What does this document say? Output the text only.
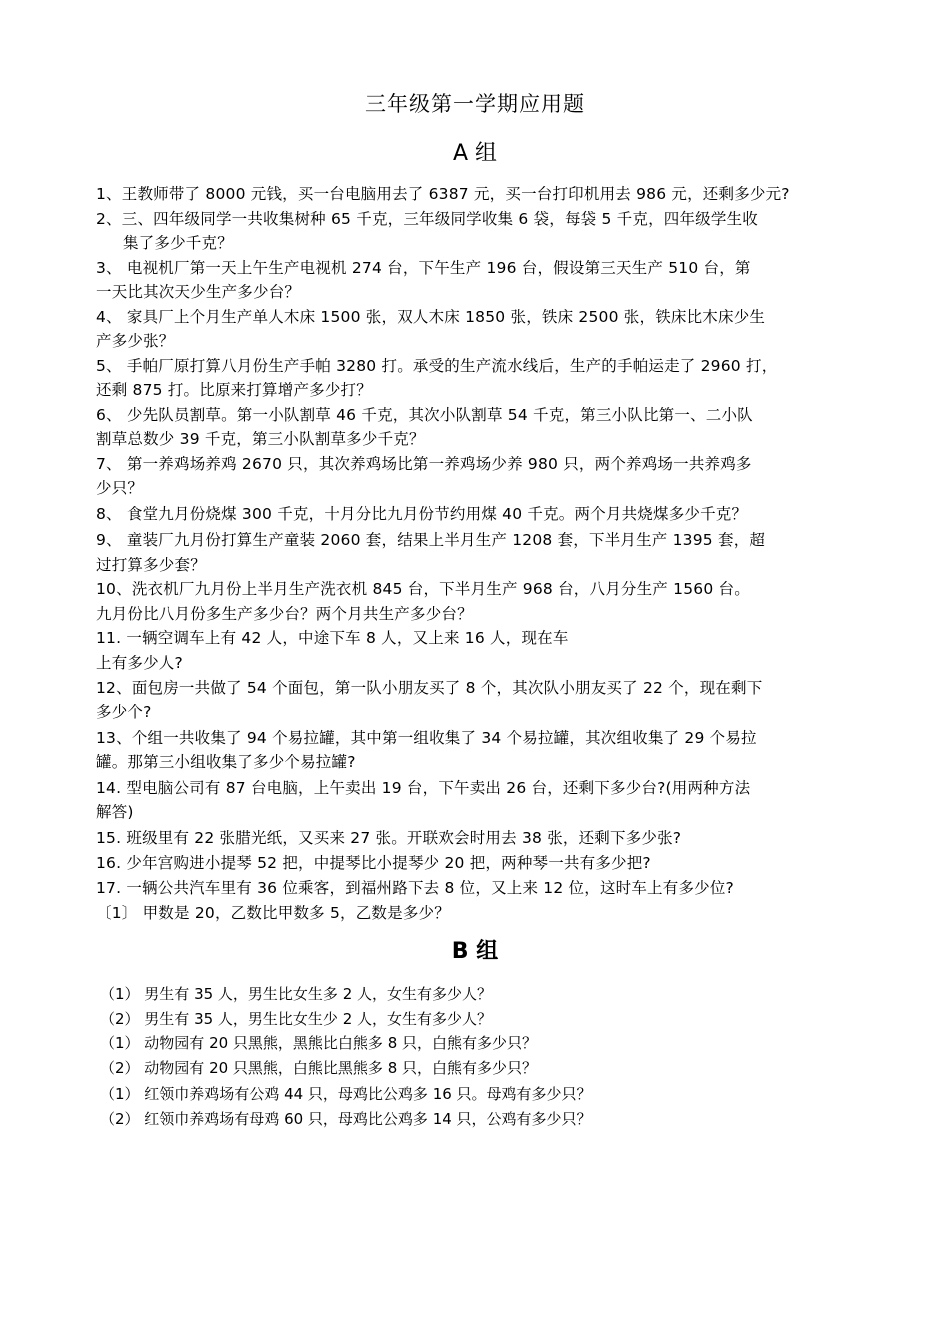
三年级第一学期应用题
A 组
1、王教师带了 8000 元钱，买一台电脑用去了 6387 元，买一台打印机用去 986 元，还剩多少元?
2、三、四年级同学一共收集树种 65 千克，三年级同学收集 6 袋，每袋 5 千克，四年级学生收
集了多少千克？
3、 电视机厂第一天上午生产电视机 274 台，下午生产 196 台，假设第三天生产 510 台，第
一天比其次天少生产多少台？
4、 家具厂上个月生产单人木床 1500 张，双人木床 1850 张，铁床 2500 张，铁床比木床少生
产多少张？
5、 手帕厂原打算八月份生产手帕 3280 打。承受的生产流水线后，生产的手帕运走了 2960 打，
还剩 875 打。比原来打算增产多少打？
6、 少先队员割草。第一小队割草 46 千克，其次小队割草 54 千克，第三小队比第一、二小队
割草总数少 39 千克，第三小队割草多少千克？
7、 第一养鸡场养鸡 2670 只，其次养鸡场比第一养鸡场少养 980 只，两个养鸡场一共养鸡多
少只？
8、 食堂九月份烧煤 300 千克，十月分比九月份节约用煤 40 千克。两个月共烧煤多少千克？
9、 童装厂九月份打算生产童装 2060 套，结果上半月生产 1208 套，下半月生产 1395 套，超
过打算多少套？
10、洗衣机厂九月份上半月生产洗衣机 845 台，下半月生产 968 台，八月分生产 1560 台。
九月份比八月份多生产多少台？两个月共生产多少台？
11. 一辆空调车上有 42 人，中途下车 8 人，又上来 16 人，现在车
上有多少人?
12、面包房一共做了 54 个面包，第一队小朋友买了 8 个，其次队小朋友买了 22 个，现在剩下
多少个?
13、个组一共收集了 94 个易拉罐，其中第一组收集了 34 个易拉罐，其次组收集了 29 个易拉
罐。那第三小组收集了多少个易拉罐?
14. 型电脑公司有 87 台电脑，上午卖出 19 台，下午卖出 26 台，还剩下多少台?(用两种方法
解答)
15. 班级里有 22 张腊光纸，又买来 27 张。开联欢会时用去 38 张，还剩下多少张?
16. 少年宫购进小提琴 52 把，中提琴比小提琴少 20 把，两种琴一共有多少把?
17. 一辆公共汽车里有 36 位乘客，到福州路下去 8 位，又上来 12 位，这时车上有多少位?
〔1〕 甲数是 20，乙数比甲数多 5，乙数是多少？
B 组
（1） 男生有 35 人，男生比女生多 2 人，女生有多少人？
（2） 男生有 35 人，男生比女生少 2 人，女生有多少人？
（1） 动物园有 20 只黑熊，黑熊比白熊多 8 只，白熊有多少只？
（2） 动物园有 20 只黑熊，白熊比黑熊多 8 只，白熊有多少只？
（1） 红领巾养鸡场有公鸡 44 只，母鸡比公鸡多 16 只。母鸡有多少只？
（2） 红领巾养鸡场有母鸡 60 只，母鸡比公鸡多 14 只，公鸡有多少只？
